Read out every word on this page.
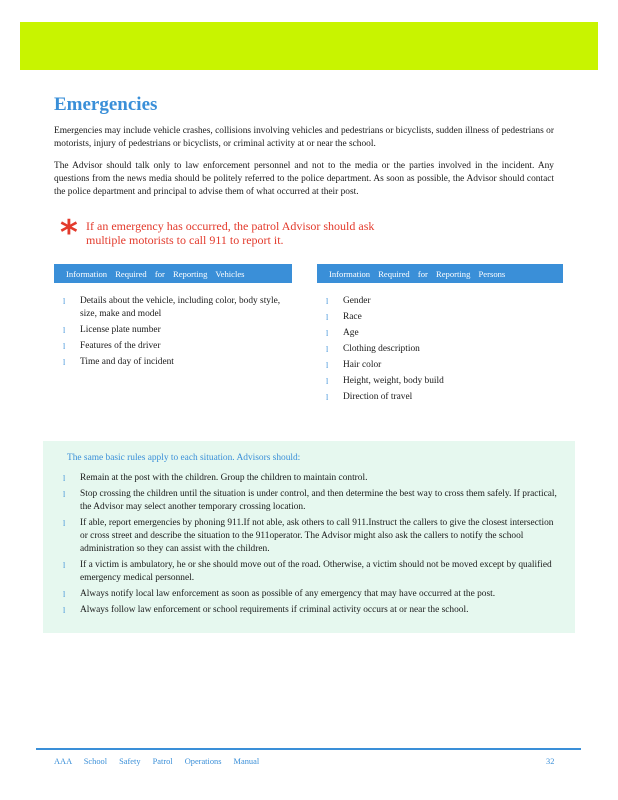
Emergencies

Emergencies may include vehicle crashes, collisions involving vehicles and pedestrians or bicyclists, sudden illness of pedestrians or motorists, injury of pedestrians or bicyclists, or criminal activity at or near the school.

The Advisor should talk only to law enforcement personnel and not to the media or the parties involved in the incident. Any questions from the news media should be politely referred to the police department. As soon as possible, the Advisor should contact the police department and principal to advise them of what occurred at their post.

* If an emergency has occurred, the patrol Advisor should ask multiple motorists to call 911 to report it.
Information Required for Reporting Vehicles	Information Required for Reporting Persons
l Details about the vehicle, including color, body style, size, make and model
l License plate number
l Features of the driver
l Time and day of incident
l Gender
l Race
l Age
l Clothing description
l Hair color
l Height, weight, body build
l Direction of travel
The same basic rules apply to each situation. Advisors should:
l Remain at the post with the children. Group the children to maintain control.
l Stop crossing the children until the situation is under control, and then determine the best way to cross them safely. If practical, the Advisor may select another temporary crossing location.
l If able, report emergencies by phoning 911.If not able, ask others to call 911.Instruct the callers to give the closest intersection or cross street and describe the situation to the 911operator. The Advisor might also ask the callers to notify the school administration so they can assist with the children.
l If a victim is ambulatory, he or she should move out of the road. Otherwise, a victim should not be moved except by qualified emergency medical personnel.
l Always notify local law enforcement as soon as possible of any emergency that may have occurred at the post.
l Always follow law enforcement or school requirements if criminal activity occurs at or near the school.
AAA School Safety Patrol Operations Manual	32
